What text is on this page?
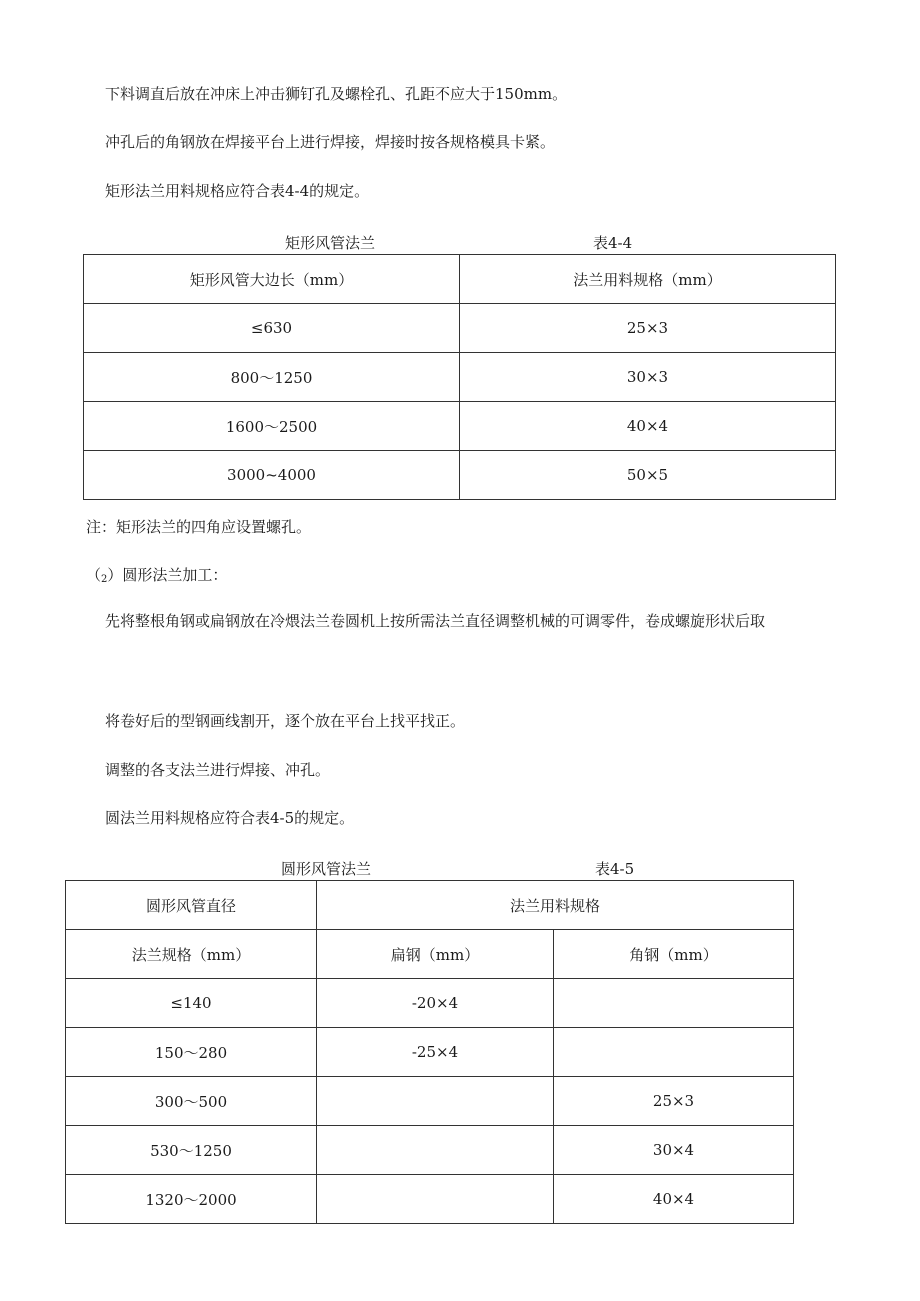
下料调直后放在冲床上冲击狮钉孔及螺栓孔、孔距不应大于150mm。
冲孔后的角钢放在焊接平台上进行焊接，焊接时按各规格模具卡紧。
矩形法兰用料规格应符合表4-4的规定。
矩形风管法兰	表4-4
矩形风管大边长（mm）	法兰用料规格（mm）
≤630	25×3
800～1250	30×3
1600～2500	40×4
3000~4000	50×5
注：矩形法兰的四角应设置螺孔。
$(_2)$圆形法兰加工：
先将整根角钢或扁钢放在冷煨法兰卷圆机上按所需法兰直径调整机械的可调零件，卷成螺旋形状后取
将卷好后的型钢画线割开，逐个放在平台上找平找正。
调整的各支法兰进行焊接、冲孔。
圆法兰用料规格应符合表4-5的规定。
圆形风管法兰	表4-5
圆形风管直径	法兰用料规格	
法兰规格（mm）	扁钢（mm）	角钢（mm）
≤140	-20×4	
150～280	-25×4	
300～500		25×3
530～1250		30×4
1320～2000		40×4
